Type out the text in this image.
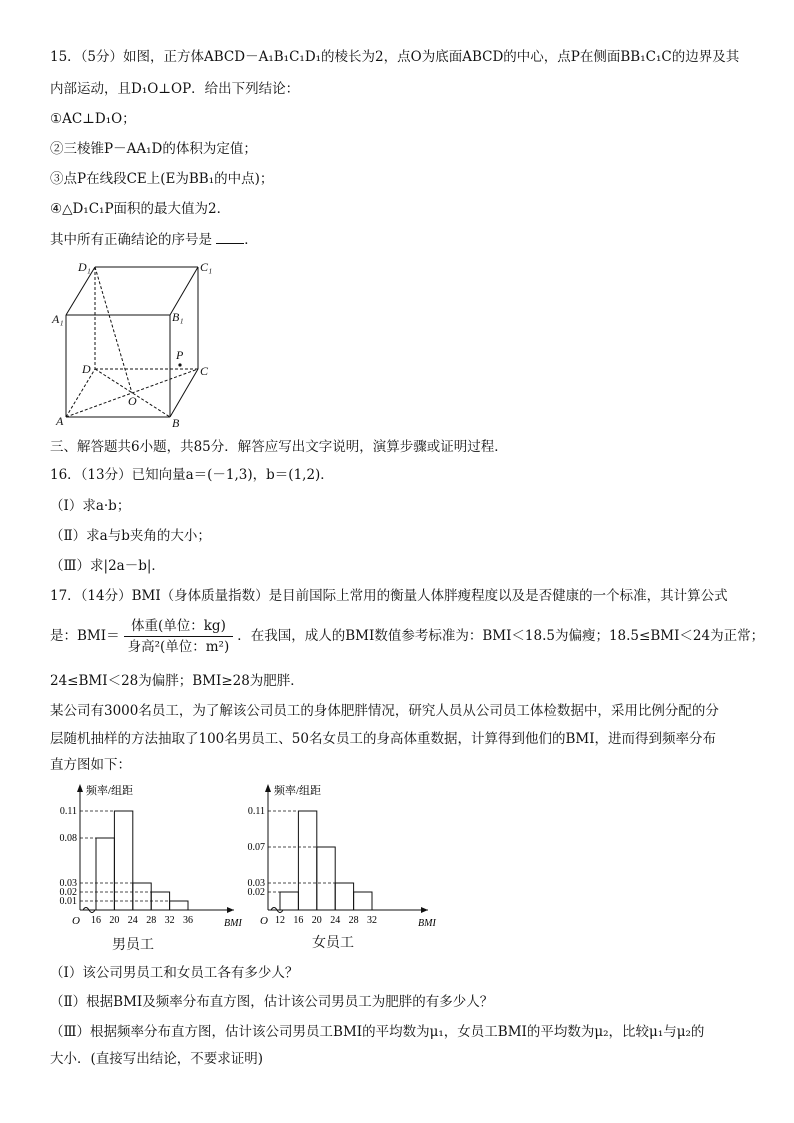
15．（5分）如图，正方体ABCD－A₁B₁C₁D₁的棱长为2，点O为底面ABCD的中心，点P在侧面BB₁C₁C的边界及其
内部运动，且D₁O⊥OP．给出下列结论：
①AC⊥D₁O；
②三棱锥P－AA₁D的体积为定值；
③点P在线段CE上(E为BB₁的中点)；
④△D₁C₁P面积的最大值为2．
其中所有正确结论的序号是 ．
D₁	C₁
A₁	B₁
D	C
A	B
O
P
三、解答题共6小题，共85分．解答应写出文字说明，演算步骤或证明过程．
16．（13分）已知向量a＝(－1,3)，b＝(1,2)．
（Ⅰ）求a·b；
（Ⅱ）求a与b夹角的大小；
（Ⅲ）求|2a－b|．
17．（14分）BMI（身体质量指数）是目前国际上常用的衡量人体胖瘦程度以及是否健康的一个标准，其计算公式
是：$BMI= \frac{\text{体重(单位：kg)}}{\text{身高²(单位：m²)}}$ ．在我国，成人的BMI数值参考标准为：BMI＜18.5为偏瘦；18.5≤BMI＜24为正常；
24≤BMI＜28为偏胖；BMI≥28为肥胖．
某公司有3000名员工，为了解该公司员工的身体肥胖情况，研究人员从公司员工体检数据中，采用比例分配的分
层随机抽样的方法抽取了100名男员工、50名女员工的身高体重数据，计算得到他们的BMI，进而得到频率分布
直方图如下：
0.11
0.08
0.03
0.02
0.01
16 20 24 28 32 36
O	BMI
频率/组距
0.11
0.07
0.03
0.02
12 16 20 24 28 32
O	BMI
频率/组距
男员工	女员工
（Ⅰ）该公司男员工和女员工各有多少人？
（Ⅱ）根据BMI及频率分布直方图，估计该公司男员工为肥胖的有多少人？
（Ⅲ）根据频率分布直方图，估计该公司男员工BMI的平均数为μ₁，女员工BMI的平均数为μ₂，比较μ₁与μ₂的
大小．(直接写出结论，不要求证明)
